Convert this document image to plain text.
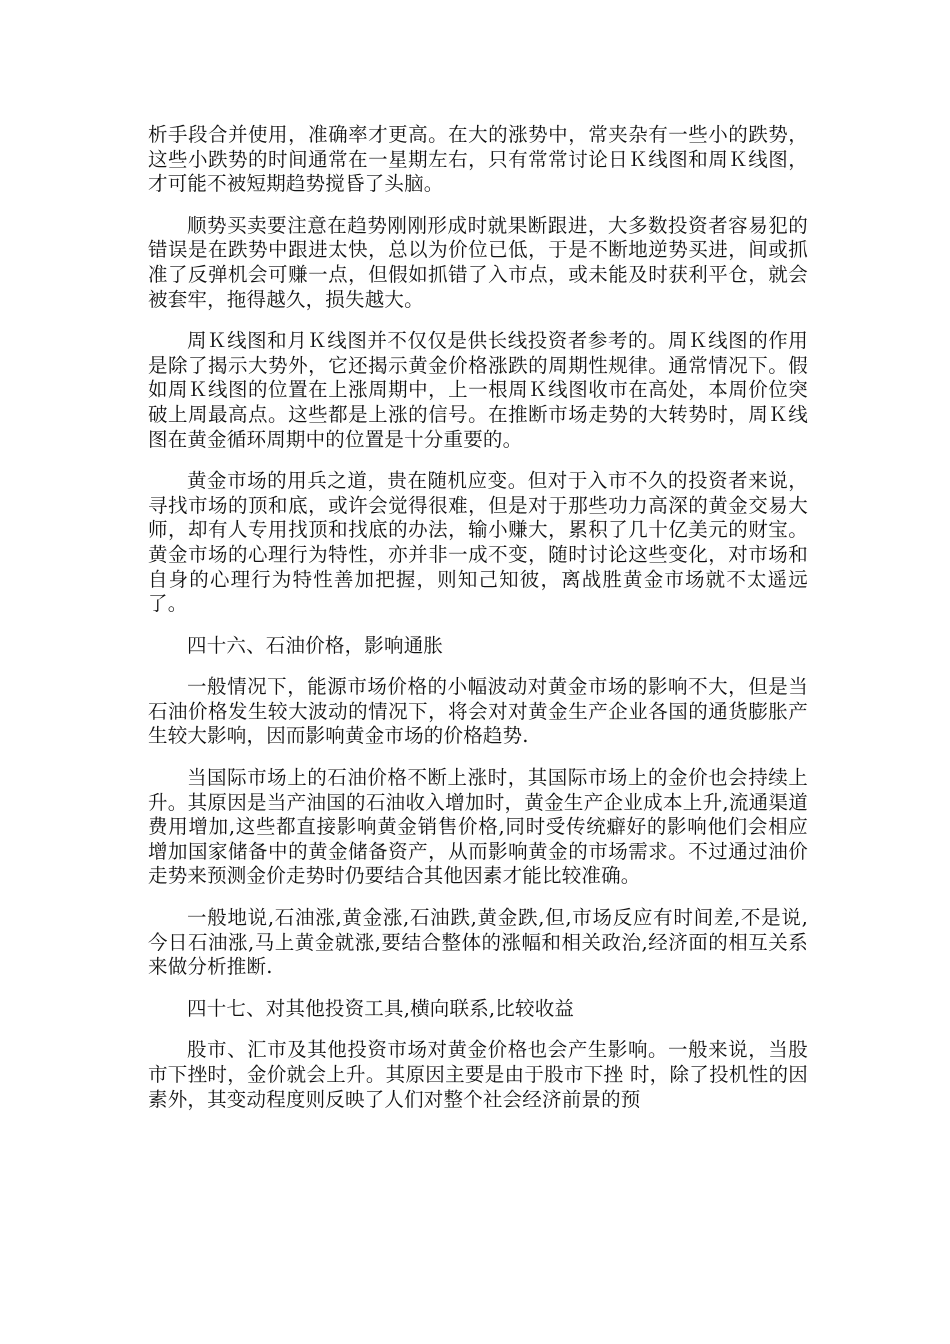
析手段合并使用，准确率才更高。在大的涨势中，常夹杂有一些小的跌势，这些小跌势的时间通常在一星期左右，只有常常讨论日Ｋ线图和周Ｋ线图，才可能不被短期趋势搅昏了头脑。

顺势买卖要注意在趋势刚刚形成时就果断跟进，大多数投资者容易犯的错误是在跌势中跟进太快，总以为价位已低，于是不断地逆势买进，间或抓准了反弹机会可赚一点，但假如抓错了入市点，或未能及时获利平仓，就会被套牢，拖得越久，损失越大。

周Ｋ线图和月Ｋ线图并不仅仅是供长线投资者参考的。周Ｋ线图的作用是除了揭示大势外，它还揭示黄金价格涨跌的周期性规律。通常情况下。假如周Ｋ线图的位置在上涨周期中，上一根周Ｋ线图收市在高处，本周价位突破上周最高点。这些都是上涨的信号。在推断市场走势的大转势时，周Ｋ线图在黄金循环周期中的位置是十分重要的。

黄金市场的用兵之道，贵在随机应变。但对于入市不久的投资者来说，寻找市场的顶和底，或许会觉得很难，但是对于那些功力高深的黄金交易大师，却有人专用找顶和找底的办法，输小赚大，累积了几十亿美元的财宝。黄金市场的心理行为特性，亦并非一成不变，随时讨论这些变化，对市场和自身的心理行为特性善加把握，则知己知彼，离战胜黄金市场就不太遥远了。

四十六、石油价格，影响通胀

一般情况下，能源市场价格的小幅波动对黄金市场的影响不大，但是当石油价格发生较大波动的情况下，将会对对黄金生产企业各国的通货膨胀产生较大影响，因而影响黄金市场的价格趋势.

当国际市场上的石油价格不断上涨时，其国际市场上的金价也会持续上升。其原因是当产油国的石油收入增加时，黄金生产企业成本上升,流通渠道费用增加,这些都直接影响黄金销售价格,同时受传统癖好的影响他们会相应增加国家储备中的黄金储备资产，从而影响黄金的市场需求。不过通过油价走势来预测金价走势时仍要结合其他因素才能比较准确。

一般地说,石油涨,黄金涨,石油跌,黄金跌,但,市场反应有时间差,不是说,今日石油涨,马上黄金就涨,要结合整体的涨幅和相关政治,经济面的相互关系来做分析推断.

四十七、对其他投资工具,横向联系,比较收益

股市、汇市及其他投资市场对黄金价格也会产生影响。一般来说，当股市下挫时，金价就会上升。其原因主要是由于股市下挫 时，除了投机性的因素外，其变动程度则反映了人们对整个社会经济前景的预
